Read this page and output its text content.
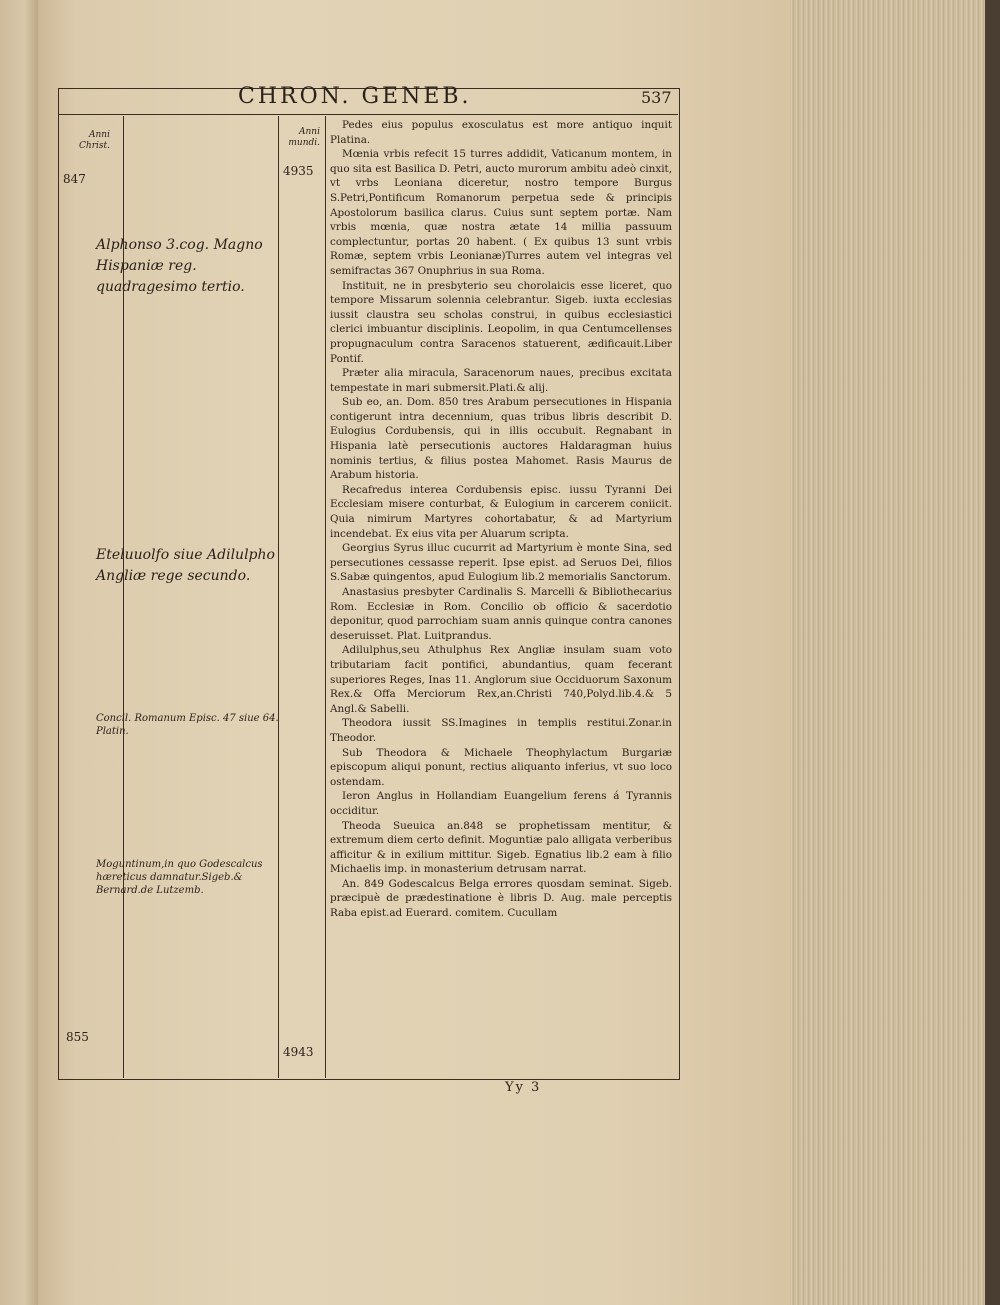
CHRON. GENEB.	537
Anni
Christ.
Anni
mundi.
847
4935
855
4943
Alphonso 3.cog. Magno Hispaniæ reg. quadragesimo tertio.
Eteluuolfo siue Adilulpho Angliæ rege secundo.
Concil. Romanum Episc. 47 siue 64. Platin.
Moguntinum,in quo Godescalcus hæreticus damnatur.Sigeb.& Bernard.de Lutzemb.

Pedes eius populus exosculatus est more antiquo inquit Platina.

Mœnia vrbis refecit 15 turres addidit, Vaticanum montem, in quo sita est Basilica D. Petri, aucto murorum ambitu adeò cinxit, vt vrbs Leoniana diceretur, nostro tempore Burgus S.Petri,Pontificum Romanorum perpetua sede & principis Apostolorum basilica clarus. Cuius sunt septem portæ. Nam vrbis mœnia, quæ nostra ætate 14 millia passuum complectuntur, portas 20 habent. ( Ex quibus 13 sunt vrbis Romæ, septem vrbis Leonianæ)Turres autem vel integras vel semifractas 367 Onuphrius in sua Roma.

Instituit, ne in presbyterio seu chorolaicis esse liceret, quo tempore Missarum solennia celebrantur. Sigeb. iuxta ecclesias iussit claustra seu scholas construi, in quibus ecclesiastici clerici imbuantur disciplinis. Leopolim, in qua Centumcellenses propugnaculum contra Saracenos statuerent, ædificauit.Liber Pontif.

Præter alia miracula, Saracenorum naues, precibus excitata tempestate in mari submersit.Plati.& alij.

Sub eo, an. Dom. 850 tres Arabum persecutiones in Hispania contigerunt intra decennium, quas tribus libris describit D. Eulogius Cordubensis, qui in illis occubuit. Regnabant in Hispania latè persecutionis auctores Haldaragman huius nominis tertius, & filius postea Mahomet. Rasis Maurus de Arabum historia.

Recafredus interea Cordubensis episc. iussu Tyranni Dei Ecclesiam misere conturbat, & Eulogium in carcerem coniicit. Quia nimirum Martyres cohortabatur, & ad Martyrium incendebat. Ex eius vita per Aluarum scripta.

Georgius Syrus illuc cucurrit ad Martyrium è monte Sina, sed persecutiones cessasse reperit. Ipse epist. ad Seruos Dei, filios S.Sabæ quingentos, apud Eulogium lib.2 memorialis Sanctorum.

Anastasius presbyter Cardinalis S. Marcelli & Bibliothecarius Rom. Ecclesiæ in Rom. Concilio ob officio & sacerdotio deponitur, quod parrochiam suam annis quinque contra canones deseruisset. Plat. Luitprandus.

Adilulphus,seu Athulphus Rex Angliæ insulam suam voto tributariam facit pontifici, abundantius, quam fecerant superiores Reges, Inas 11. Anglorum siue Occiduorum Saxonum Rex.& Offa Merciorum Rex,an.Christi 740,Polyd.lib.4.& 5 Angl.& Sabelli.

Theodora iussit SS.Imagines in templis restitui.Zonar.in Theodor.

Sub Theodora & Michaele Theophylactum Burgariæ episcopum aliqui ponunt, rectius aliquanto inferius, vt suo loco ostendam.

Ieron Anglus in Hollandiam Euangelium ferens á Tyrannis occiditur.

Theoda Sueuica an.848 se prophetissam mentitur, & extremum diem certo definit. Moguntiæ palo alligata verberibus afficitur & in exilium mittitur. Sigeb. Egnatius lib.2 eam à filio Michaelis imp. in monasterium detrusam narrat.

An. 849 Godescalcus Belga errores quosdam seminat. Sigeb. præcipuè de prædestinatione è libris D. Aug. male perceptis Raba epist.ad Euerard. comitem. Cucullam

Yy 3
